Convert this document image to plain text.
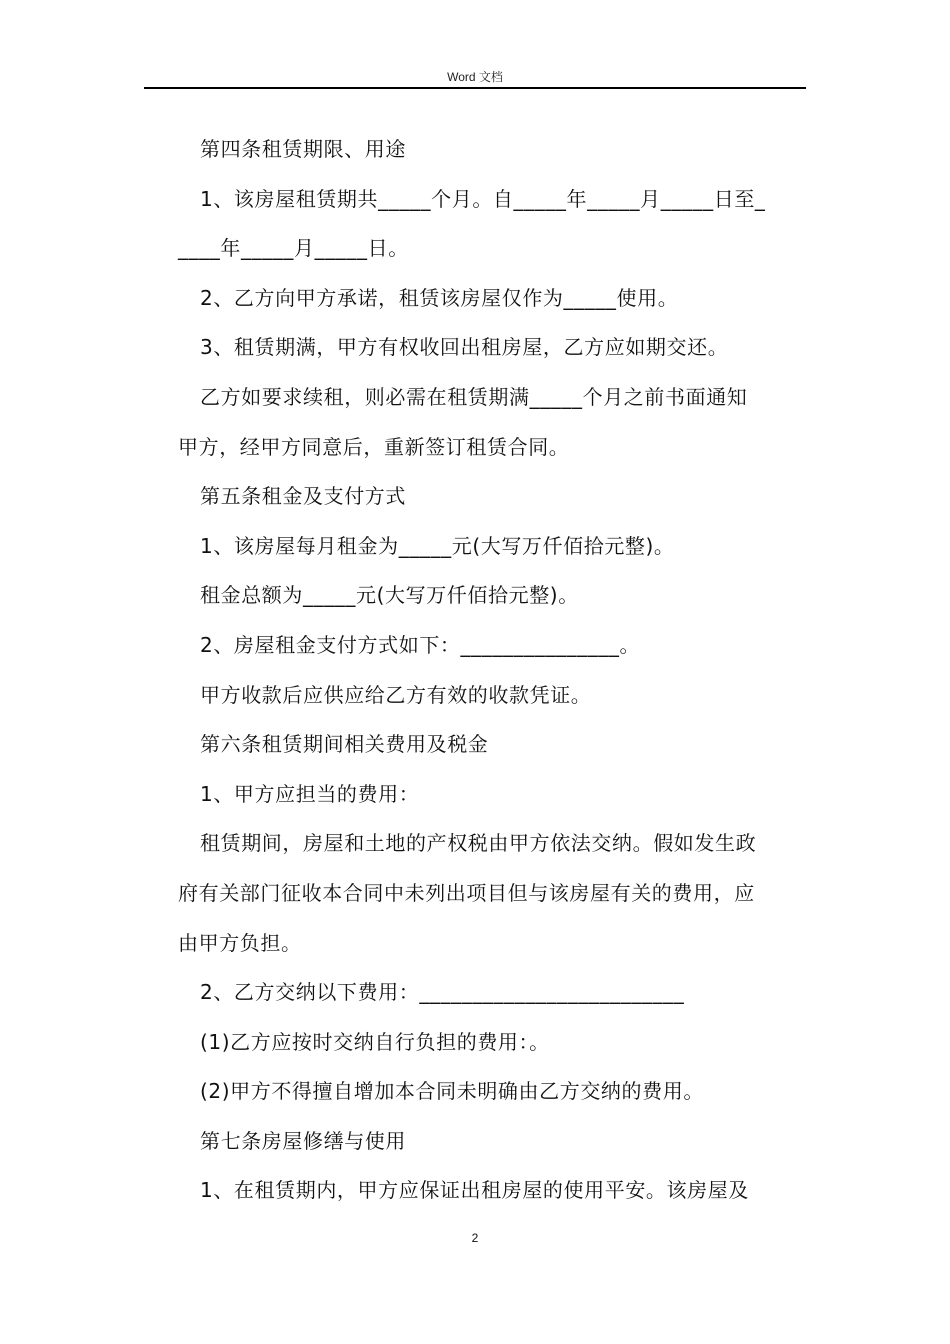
Word 文档

第四条租赁期限、用途

1、该房屋租赁期共_____个月。自_____年_____月_____日至_

____年_____月_____日。

2、乙方向甲方承诺，租赁该房屋仅作为_____使用。

3、租赁期满，甲方有权收回出租房屋，乙方应如期交还。

乙方如要求续租，则必需在租赁期满_____个月之前书面通知

甲方，经甲方同意后，重新签订租赁合同。

第五条租金及支付方式

1、该房屋每月租金为_____元(大写万仟佰拾元整)。

租金总额为_____元(大写万仟佰拾元整)。

2、房屋租金支付方式如下：_______________。

甲方收款后应供应给乙方有效的收款凭证。

第六条租赁期间相关费用及税金

1、甲方应担当的费用：

租赁期间，房屋和土地的产权税由甲方依法交纳。假如发生政

府有关部门征收本合同中未列出项目但与该房屋有关的费用，应

由甲方负担。

2、乙方交纳以下费用：_________________________

(1)乙方应按时交纳自行负担的费用：。

(2)甲方不得擅自增加本合同未明确由乙方交纳的费用。

第七条房屋修缮与使用

1、在租赁期内，甲方应保证出租房屋的使用平安。该房屋及

2
